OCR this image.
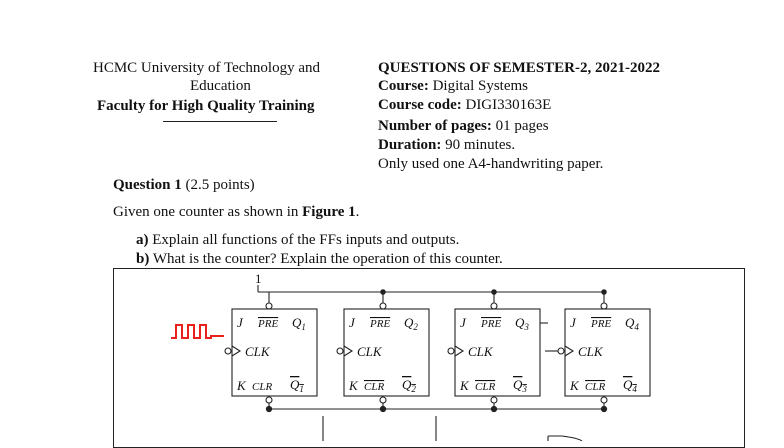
HCMC University of Technology and
Education
Faculty for High Quality Training
QUESTIONS OF SEMESTER-2, 2021-2022
Course: Digital Systems
Course code: DIGI330163E
Number of pages: 01 pages
Duration: 90 minutes.
Only used one A4-handwriting paper.
Question 1 (2.5 points)
Given one counter as shown in Figure 1.
a) Explain all functions of the FFs inputs and outputs.
b) What is the counter? Explain the operation of this counter.
1
J PRE $Q_1$
CLK
K CLR $Q_1$
J PRE $Q_2$
CLK
K CLR $Q_2$
J PRE $Q_3$
CLK
K CLR $Q_3$
J PRE $Q_4$
CLK
K CLR $Q_4$
